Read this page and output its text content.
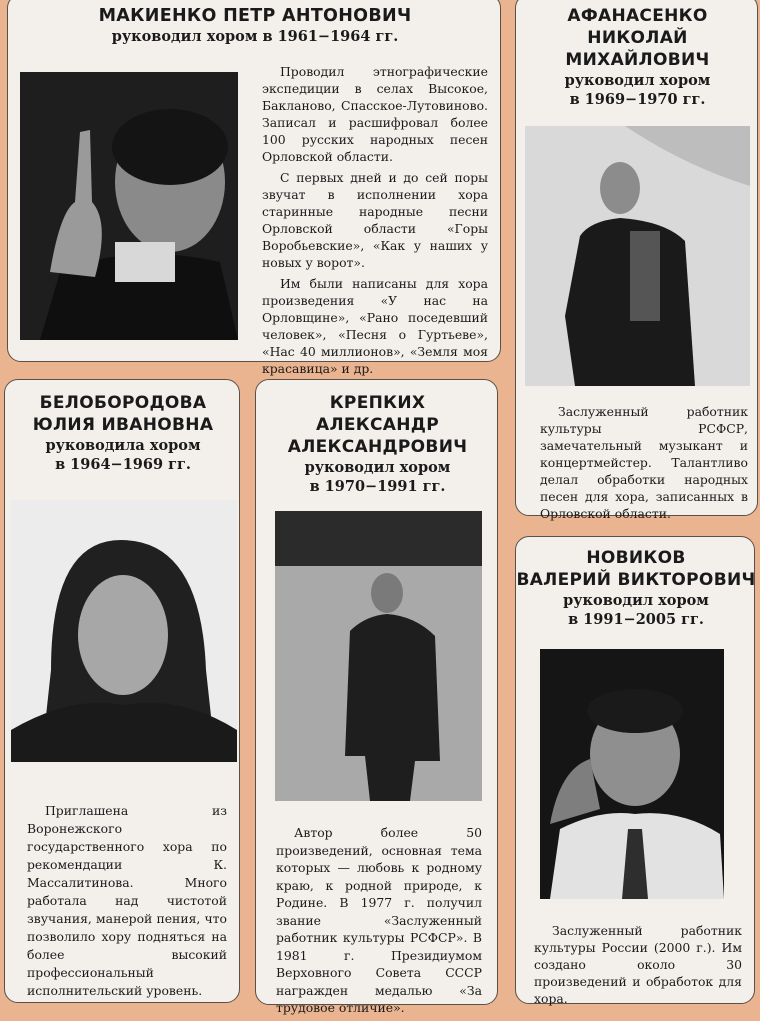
МАКИЕНКО ПЕТР АНТОНОВИЧ
руководил хором в 1961−1964 гг.

Проводил этнографические экспедиции в селах Высокое, Бакланово, Спасское-Лутовиново. Записал и расшифровал более 100 русских народных песен Орловской области.

С первых дней и до сей поры звучат в исполнении хора старинные народные песни Орловской области «Горы Воробьевские», «Как у наших у новых у ворот».

Им были написаны для хора произведения «У нас на Орловщине», «Рано поседевший человек», «Песня о Гуртьеве», «Нас 40 миллионов», «Земля моя красавица» и др.

АФАНАСЕНКО
НИКОЛАЙ
МИХАЙЛОВИЧ
руководил хором
в 1969−1970 гг.

Заслуженный работник культуры РСФСР, замечательный музыкант и концертмейстер. Талантливо делал обработки народных песен для хора, записанных в Орловской области.

БЕЛОБОРОДОВА
ЮЛИЯ ИВАНОВНА
руководила хором
в 1964−1969 гг.

Приглашена из Воронежского государственного хора по рекомендации К. Массалитинова. Много работала над чистотой звучания, манерой пения, что позволило хору подняться на более высокий профессиональный исполнительский уровень.

КРЕПКИХ
АЛЕКСАНДР
АЛЕКСАНДРОВИЧ
руководил хором
в 1970−1991 гг.

Автор более 50 произведений, основная тема которых — любовь к родному краю, к родной природе, к Родине. В 1977 г. получил звание «Заслуженный работник культуры РСФСР». В 1981 г. Президиумом Верховного Совета СССР награжден медалью «За трудовое отличие».

НОВИКОВ
ВАЛЕРИЙ ВИКТОРОВИЧ
руководил хором
в 1991−2005 гг.

Заслуженный работник культуры России (2000 г.). Им создано около 30 произведений и обработок для хора.
